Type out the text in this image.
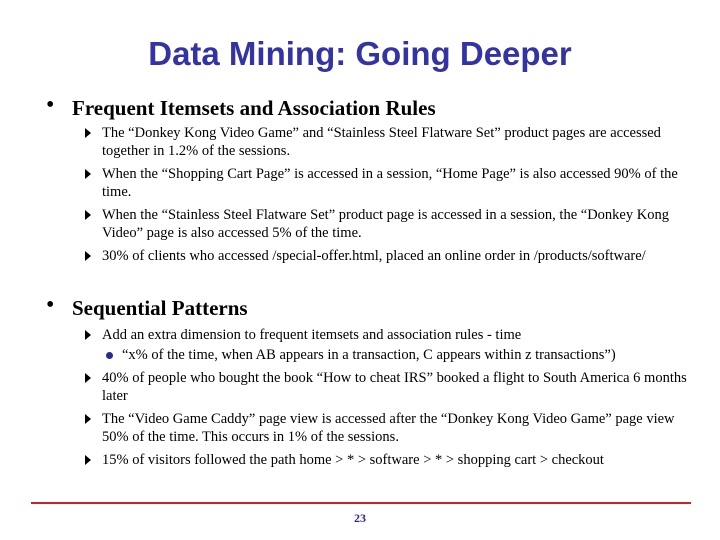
Data Mining: Going Deeper
• Frequent Itemsets and Association Rules
The “Donkey Kong Video Game” and “Stainless Steel Flatware Set” product pages are accessed together in 1.2% of the sessions.
When the “Shopping Cart Page” is accessed in a session, “Home Page” is also accessed 90% of the time.
When the “Stainless Steel Flatware Set” product page is accessed in a session, the “Donkey Kong Video” page is also accessed 5% of the time.
30% of clients who accessed /special-offer.html, placed an online order in /products/software/
• Sequential Patterns
Add an extra dimension to frequent itemsets and association rules - time
“x% of the time, when AB appears in a transaction, C appears within z transactions”)
40% of people who bought the book “How to cheat IRS” booked a flight to South America 6 months later
The “Video Game Caddy” page view is accessed after the “Donkey Kong Video Game” page view 50% of the time. This occurs in 1% of the sessions.
15% of visitors followed the path home > * > software > * > shopping cart > checkout
23
